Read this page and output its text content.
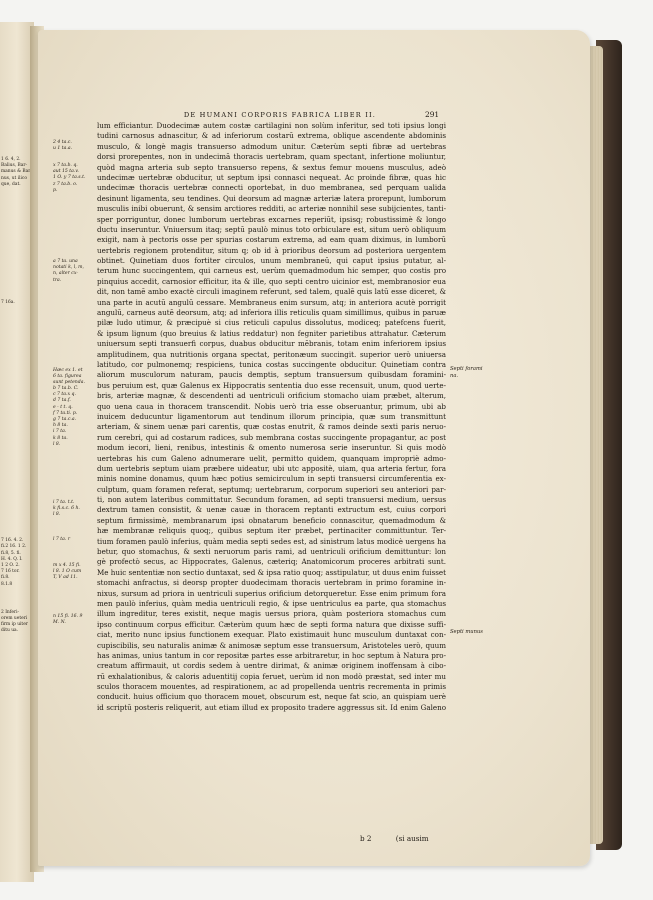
1 6. 4, 2.
Balius, Bar-
manus & Bar
nus, ut ilico
que, dat.
7 16a.
7 16. 4. 2.
fi.2 16. 1 2.
fi.8, 5. fi.
H. 4. Q. I.
1 2 O. 2.
7 16 tor.
fi.8.
8.1.8
2 Inferi-
orem ueteri
firm ip uiter
ditu ua.
DE HUMANI CORPORIS FABRICA LIBER II.	291
2 4 ta.c.
u 1 ta.a.
x 7 ta.b. q.
aut 15 ta.v.
1 O. y 7 ta.s.t.
z 7 ta.b. o.
p.
a 7 ta. una
notati k, l, m,
n, alter cx-
tra.
Hæc ex 1. et
6 ta. figurea
sunt petenda.
b 7 ta.b. C.
c 7 ta.x q.
d 7 ta.f.
e - t t. q.
f 7 ta.ti. p.
g 7 ta.c.a.
h 8 ta.
i 7 ta.
k 8 ta.
l 8.
i 7 ta. t.t.
k fi.s.c. 6 h.
l 8.
l 7 ta. r
m x 4. 15 fi.
l 8. 1 O cum
T, V ad 11.
n 15 fi. 16. 9
M. N.
lum efficiantur. Duodecimæ autem costæ cartilagini non solùm inferitur, sed toti ipsius longi
tudini carnosus adnascitur, & ad inferiorum costarū extrema, oblique ascendente abdominis
musculo, & longè magis transuerso admodum unitur. Cæterùm septi fibræ ad uertebras
dorsi prorepentes, non in undecimā thoracis uertebram, quam spectant, infertione moliuntur,
quòd magna arteria sub septo transuerso repens, & sextus femur mouens musculus, adeò
undecimæ uertebræ obducitur, ut septum ipsi connasci nequeat. Ac proinde fibræ, quas hic
undecimæ thoracis uertebræ connecti oportebat, in duo membranea, sed perquam ualida
desinunt ligamenta, seu tendines. Qui deorsum ad magnæ arteriæ latera prorepunt, lumborum
musculis inibi obuerunt, & sensim arctiores redditi, ac arteriæ nonnihil sese subijcientes, tanti-
sper porriguntur, donec lumborum uertebras excarnes reperiūt, ipsisq; robustissimè & longo
ductu inseruntur. Vniuersum itaq; septū paulò minus toto orbiculare est, situm uerò obliquum
exigit, nam à pectoris osse per spurias costarum extrema, ad eam quam diximus, in lumborū
uertebris regionem protenditur, situm q; ob id à prioribus deorsum ad posteriora uergentem
obtinet. Quinetiam duos fortiter circulos, unum membraneū, qui caput ipsius putatur, al-
terum hunc succingentem, qui carneus est, uerùm quemadmodum hic semper, quo costis pro
pinquius accedit, carnosior efficitur, ita & ille, quo septi centro uicinior est, membranosior eua
dit, non tamē ambo exactè circuli imaginem referunt, sed talem, qualē quis latū esse diceret, &
una parte in acutū angulū cessare. Membraneus enim sursum, atq; in anteriora acutè porrigit
angulū, carneus autē deorsum, atq; ad inferiora illis reticulis quam simillimus, quibus in paruæ
pilæ ludo utimur, & præcipuè si cius reticuli capulus dissolutus, modiceq; patefcens fuerit,
& ipsum lignum (quo breuius & latius reddatur) non fegniter parietibus attrahatur. Cæterum
uniuersum septi transuerfi corpus, duabus obducitur mēbranis, totam enim inferiorem ipsius
amplitudinem, qua nutritionis organa spectat, peritonæum succingit. superior uerò uniuersa
latitudo, cor pulmonemq; respiciens, tunica costas succingente obducitur. Quinetiam contra
aliorum musculorum naturam, paucis demptis, septum transuersum quibusdam foramini-
bus peruium est, quæ Galenus ex Hippocratis sententia duo esse recensuit, unum, quod uerte-
bris, arteriæ magnæ, & descendenti ad uentriculi orificium stomacho uiam præbet, alterum,
quo uena caua in thoracem transcendit. Nobis uerò tria esse obseruantur, primum, ubi ab
inuicem deducuntur ligamentorum aut tendinum illorum principia, quæ sum transmittunt
arteriam, & sinem uenæ pari carentis, quæ costas enutrit, & ramos deinde sexti paris neruo-
rum cerebri, qui ad costarum radices, sub membrana costas succingente propagantur, ac post
modum iecori, lieni, renibus, intestinis & omento numerosa serie inseruntur. Si quis modò
uertebras his cum Galeno adnumerare uelit, permitto quidem, quanquam impropriè admo-
dum uertebris septum uiam præbere uideatur, ubi utc appositè, uiam, qua arteria fertur, fora
minis nomine donamus, quum hæc potius semicirculum in septi transuersi circumferentia ex-
culptum, quam foramen referat, septumq; uertebrarum, corporum superiori seu anteriori par-
ti, non autem lateribus committatur. Secundum foramen, ad septi transuersi medium, uersus
dextrum tamen consistit, & uenæ cauæ in thoracem reptanti extructum est, cuius corpori
septum firmissimè, membranarum ipsi obnatarum beneficio connascitur, quemadmodum &
hæ membranæ reliquis quoq;, quibus septum iter præbet, pertinaciter committuntur. Ter-
tium foramen paulò inferius, quàm media septi sedes est, ad sinistrum latus modicè uergens ha
betur, quo stomachus, & sexti neruorum paris rami, ad uentriculi orificium demittuntur: lon
gè profectò secus, ac Hippocrates, Galenus, cæteriq; Anatomicorum proceres arbitrati sunt.
Me huic sententiæ non sectio duntaxat, sed & ipsa ratio quoq; asstipulatur, ut duus enim fuisset
stomachi anfractus, si deorsp propter duodecimam thoracis uertebram in primo foramine in-
nixus, sursum ad priora in uentriculi superius orificium detorqueretur. Esse enim primum fora
men paulò inferius, quàm media uentriculi regio, & ipse uentriculus ea parte, qua stomachus
illum ingreditur, teres existit, neque magis uersus priora, quàm posteriora stomachus cum
ipso continuum corpus efficitur. Cæterùm quum hæc de septi forma natura que dixisse suffi-
ciat, merito nunc ipsius functionem exequar. Plato existimauit hunc musculum duntaxat con-
cupiscibilis, seu naturalis animæ & animosæ septum esse transuersum, Aristoteles uerò, quum
has animas, unius tantum in cor repositæ partes esse arbitraretur, in hoc septum à Natura pro-
creatum affirmauit, ut cordis sedem à uentre dirimat, & animæ originem inoffensam à cibo-
rū exhalationibus, & caloris aduentitij copia feruet, uerùm id non modò præstat, sed inter mu
sculos thoracem mouentes, ad respirationem, ac ad propellenda uentris recrementa in primis
conducit. huius officium quo thoracem mouet, obscurum est, neque fat scio, an quispiam uerè
id scriptū posteris reliquerit, aut etiam illud ex proposito tradere aggressus sit. Id enim Galeno
Septi forami
na.
Septi munus
b 2	(si ausim
